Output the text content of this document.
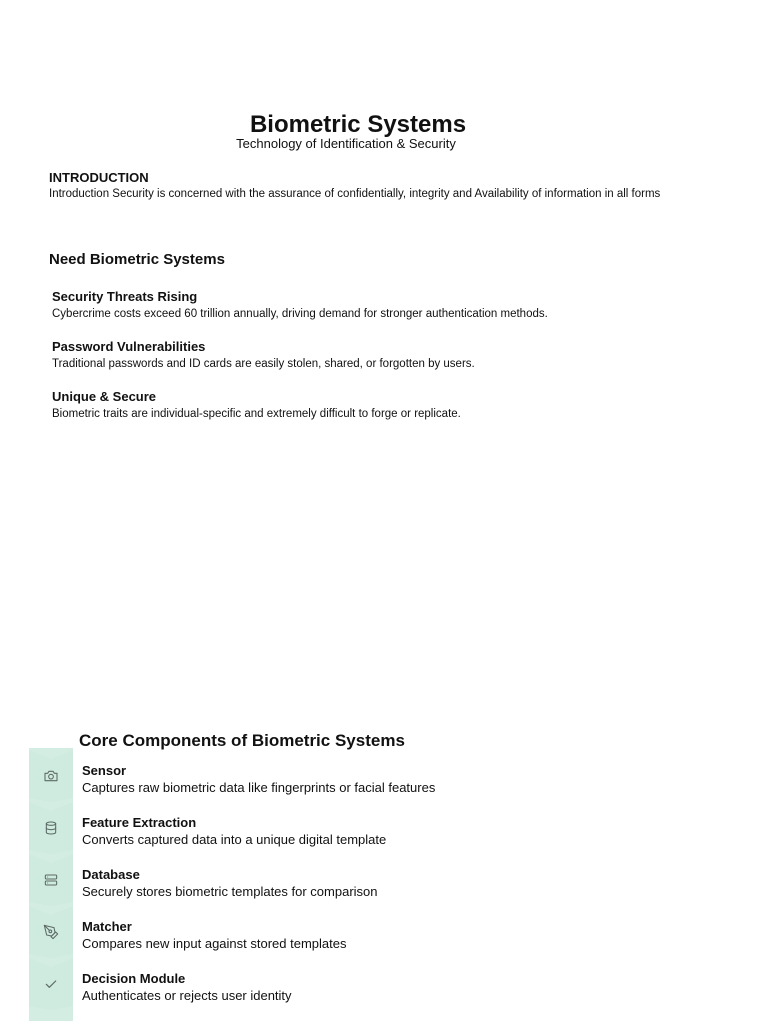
Biometric Systems
Technology of Identification & Security
INTRODUCTION
Introduction Security is concerned with the assurance of confidentially, integrity and Availability of information in all forms
Need Biometric Systems
Security Threats Rising
Cybercrime costs exceed 60 trillion annually, driving demand for stronger authentication methods.
Password Vulnerabilities
Traditional passwords and ID cards are easily stolen, shared, or forgotten by users.
Unique & Secure
Biometric traits are individual-specific and extremely difficult to forge or replicate.
Core Components of Biometric Systems
Sensor
Captures raw biometric data like fingerprints or facial features
Feature Extraction
Converts captured data into a unique digital template
Database
Securely stores biometric templates for comparison
Matcher
Compares new input against stored templates
Decision Module
Authenticates or rejects user identity
